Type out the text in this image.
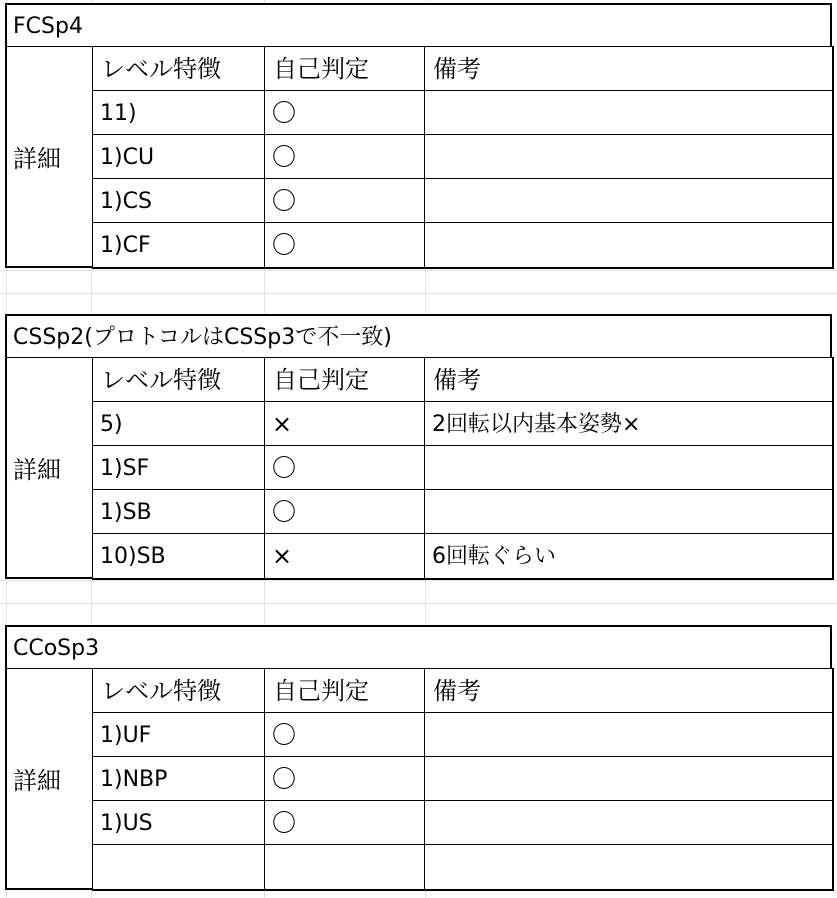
FCSp4
詳細
レベル特徴	自己判定	備考
11)	〇
1)CU	〇
1)CS	〇
1)CF	〇
CSSp2(プロトコルはCSSp3で不一致)
詳細
レベル特徴	自己判定	備考
5)	×	2回転以内基本姿勢×
1)SF	〇
1)SB	〇
10)SB	×	6回転ぐらい
CCoSp3
詳細
レベル特徴	自己判定	備考
1)UF	〇
1)NBP	〇
1)US	〇
